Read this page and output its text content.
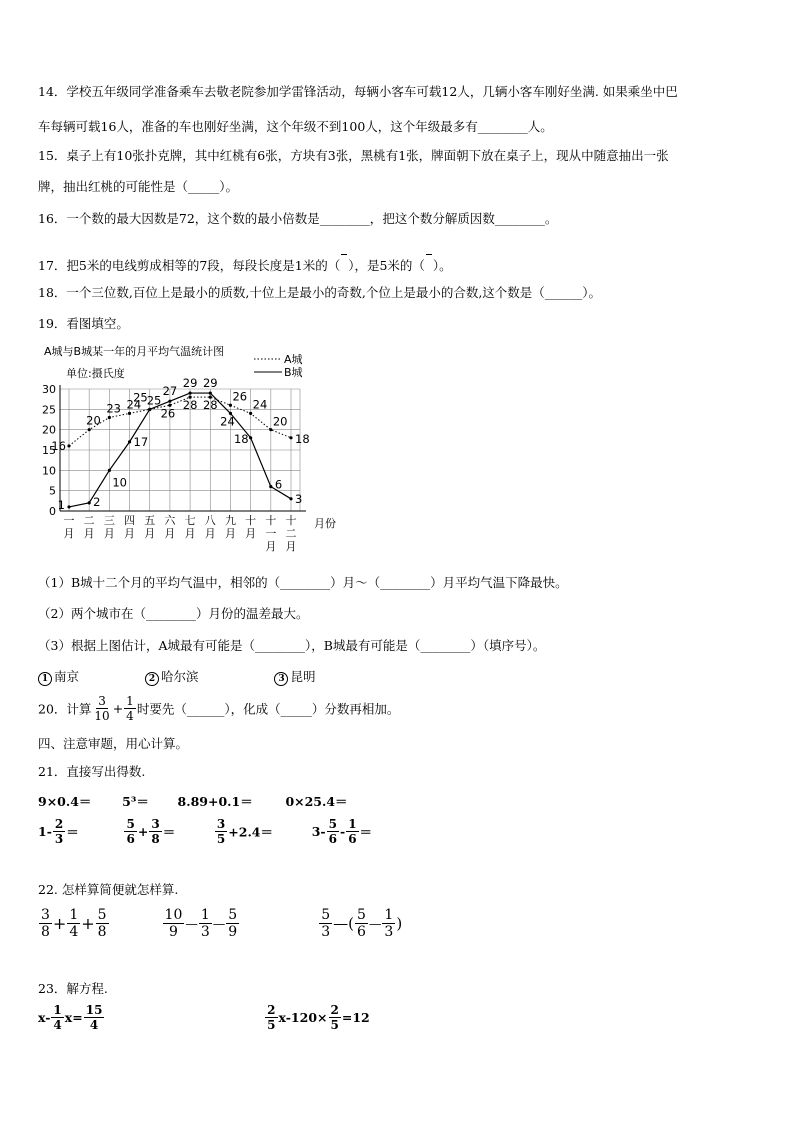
14．学校五年级同学准备乘车去敬老院参加学雷锋活动，每辆小客车可载12人，几辆小客车刚好坐满. 如果乘坐中巴
车每辆可载16人，准备的车也刚好坐满，这个年级不到100人，这个年级最多有________人。
15．桌子上有10张扑克牌，其中红桃有6张，方块有3张，黑桃有1张，牌面朝下放在桌子上，现从中随意抽出一张
牌，抽出红桃的可能性是（_____）。
16．一个数的最大因数是72，这个数的最小倍数是________，把这个数分解质因数________。
17．把5米的电线剪成相等的7段，每段长度是1米的（ ），是5米的（ ）。
18．一个三位数,百位上是最小的质数,十位上是最小的奇数,个位上是最小的合数,这个数是（______）。
19．看图填空。
A城与B城某一年的月平均气温统计图
单位:摄氏度
月份
0
5
10
15
20
25
30
一
月
二
月
三
月
四
月
五
月
六
月
七
月
八
月
九
月
十
月
十
一
月
十
二
月
16
20
23 24 25
26
28 28
26
24
20
18
1 2
10
17
25 27
29 29
24
18
6
3
A城
B城
（1）B城十二个月的平均气温中，相邻的（________）月～（________）月平均气温下降最快。
（2）两个城市在（________）月份的温差最大。
（3）根据上图估计，A城最有可能是（________），B城最有可能是（________）（填序号）。
1 南京	2 哈尔滨	3 昆明
20．计算 $\frac{3}{10} + \frac{1}{4}$ 时要先（______），化成（_____）分数再相加。
四、注意审题，用心计算。
21．直接写出得数.
9×0.4＝ 5³＝ 8.89+0.1＝	0×25.4＝
$1- \frac{2}{3}$ ＝	$\frac{5}{6} + \frac{3}{8}$ ＝	$\frac{3}{5} +2.4=$	$3- \frac{5}{6} - \frac{1}{6}$ ＝
22. 怎样算简便就怎样算.
$\frac{3}{8} + \frac{1}{4} + \frac{5}{8}$
	$\frac{10}{9}$ — $\frac{1}{3}$ — $\frac{5}{9}$
	$\frac{5}{3}$ —( $\frac{5}{6}$ — $\frac{1}{3}$ )
23．解方程.
$x- \frac{1}{4} x= \frac{15}{4}$
	$\frac{2}{5} x-120\times \frac{2}{5} =12$
